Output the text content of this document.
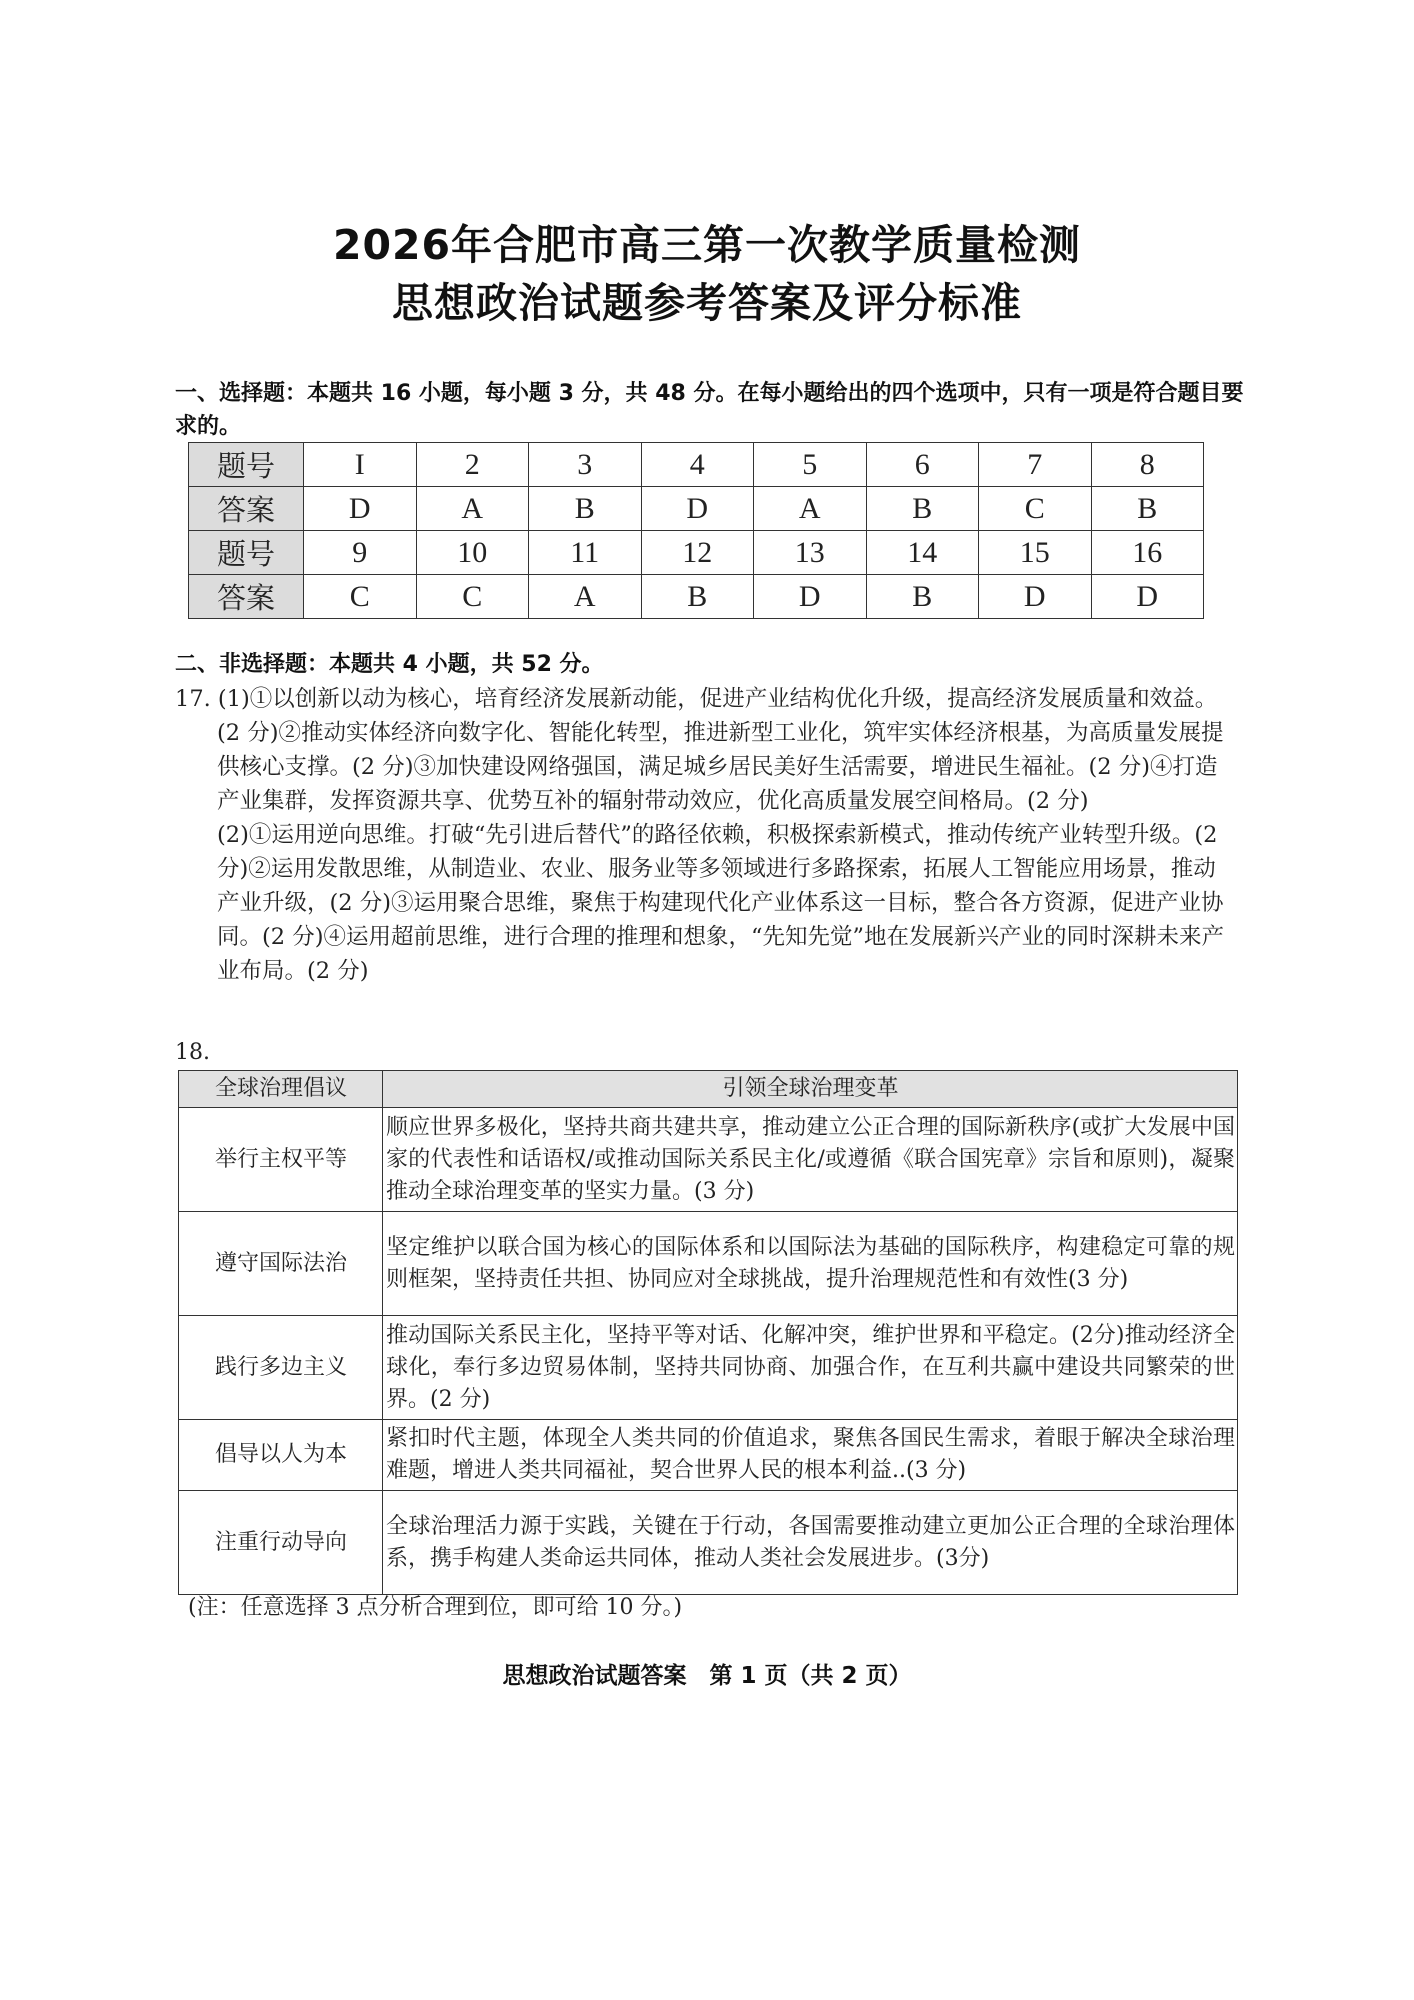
2026年合肥市高三第一次教学质量检测
思想政治试题参考答案及评分标准
一、选择题：本题共 16 小题，每小题 3 分，共 48 分。在每小题给出的四个选项中，只有一项是符合题目要求的。
题号	I	2	3	4	5	6	7	8
答案	D	A	B	D	A	B	C	B
题号	9	10	11	12	13	14	15	16
答案	C	C	A	B	D	B	D	D
二、非选择题：本题共 4 小题，共 52 分。
17. (1)①以创新以动为核心，培育经济发展新动能，促进产业结构优化升级，提高经济发展质量和效益。(2 分)②推动实体经济向数字化、智能化转型，推进新型工业化，筑牢实体经济根基，为高质量发展提供核心支撑。(2 分)③加快建设网络强国，满足城乡居民美好生活需要，增进民生福祉。(2 分)④打造产业集群，发挥资源共享、优势互补的辐射带动效应，优化高质量发展空间格局。(2 分)
(2)①运用逆向思维。打破“先引进后替代”的路径依赖，积极探索新模式，推动传统产业转型升级。(2 分)②运用发散思维，从制造业、农业、服务业等多领域进行多路探索，拓展人工智能应用场景，推动产业升级，(2 分)③运用聚合思维，聚焦于构建现代化产业体系这一目标，整合各方资源，促进产业协同。(2 分)④运用超前思维，进行合理的推理和想象，“先知先觉”地在发展新兴产业的同时深耕未来产业布局。(2 分)
18.
全球治理倡议	引领全球治理变革
举行主权平等	顺应世界多极化，坚持共商共建共享，推动建立公正合理的国际新秩序(或扩大发展中国家的代表性和话语权/或推动国际关系民主化/或遵循《联合国宪章》宗旨和原则)，凝聚推动全球治理变革的坚实力量。(3 分)
遵守国际法治	坚定维护以联合国为核心的国际体系和以国际法为基础的国际秩序，构建稳定可靠的规则框架，坚持责任共担、协同应对全球挑战，提升治理规范性和有效性(3 分)
践行多边主义	推动国际关系民主化，坚持平等对话、化解冲突，维护世界和平稳定。(2分)推动经济全球化，奉行多边贸易体制，坚持共同协商、加强合作，在互利共赢中建设共同繁荣的世界。(2 分)
倡导以人为本	紧扣时代主题，体现全人类共同的价值追求，聚焦各国民生需求，着眼于解决全球治理难题，增进人类共同福祉，契合世界人民的根本利益..(3 分)
注重行动导向	全球治理活力源于实践，关键在于行动，各国需要推动建立更加公正合理的全球治理体系，携手构建人类命运共同体，推动人类社会发展进步。(3分)
(注：任意选择 3 点分析合理到位，即可给 10 分。)
思想政治试题答案　第 1 页（共 2 页）
